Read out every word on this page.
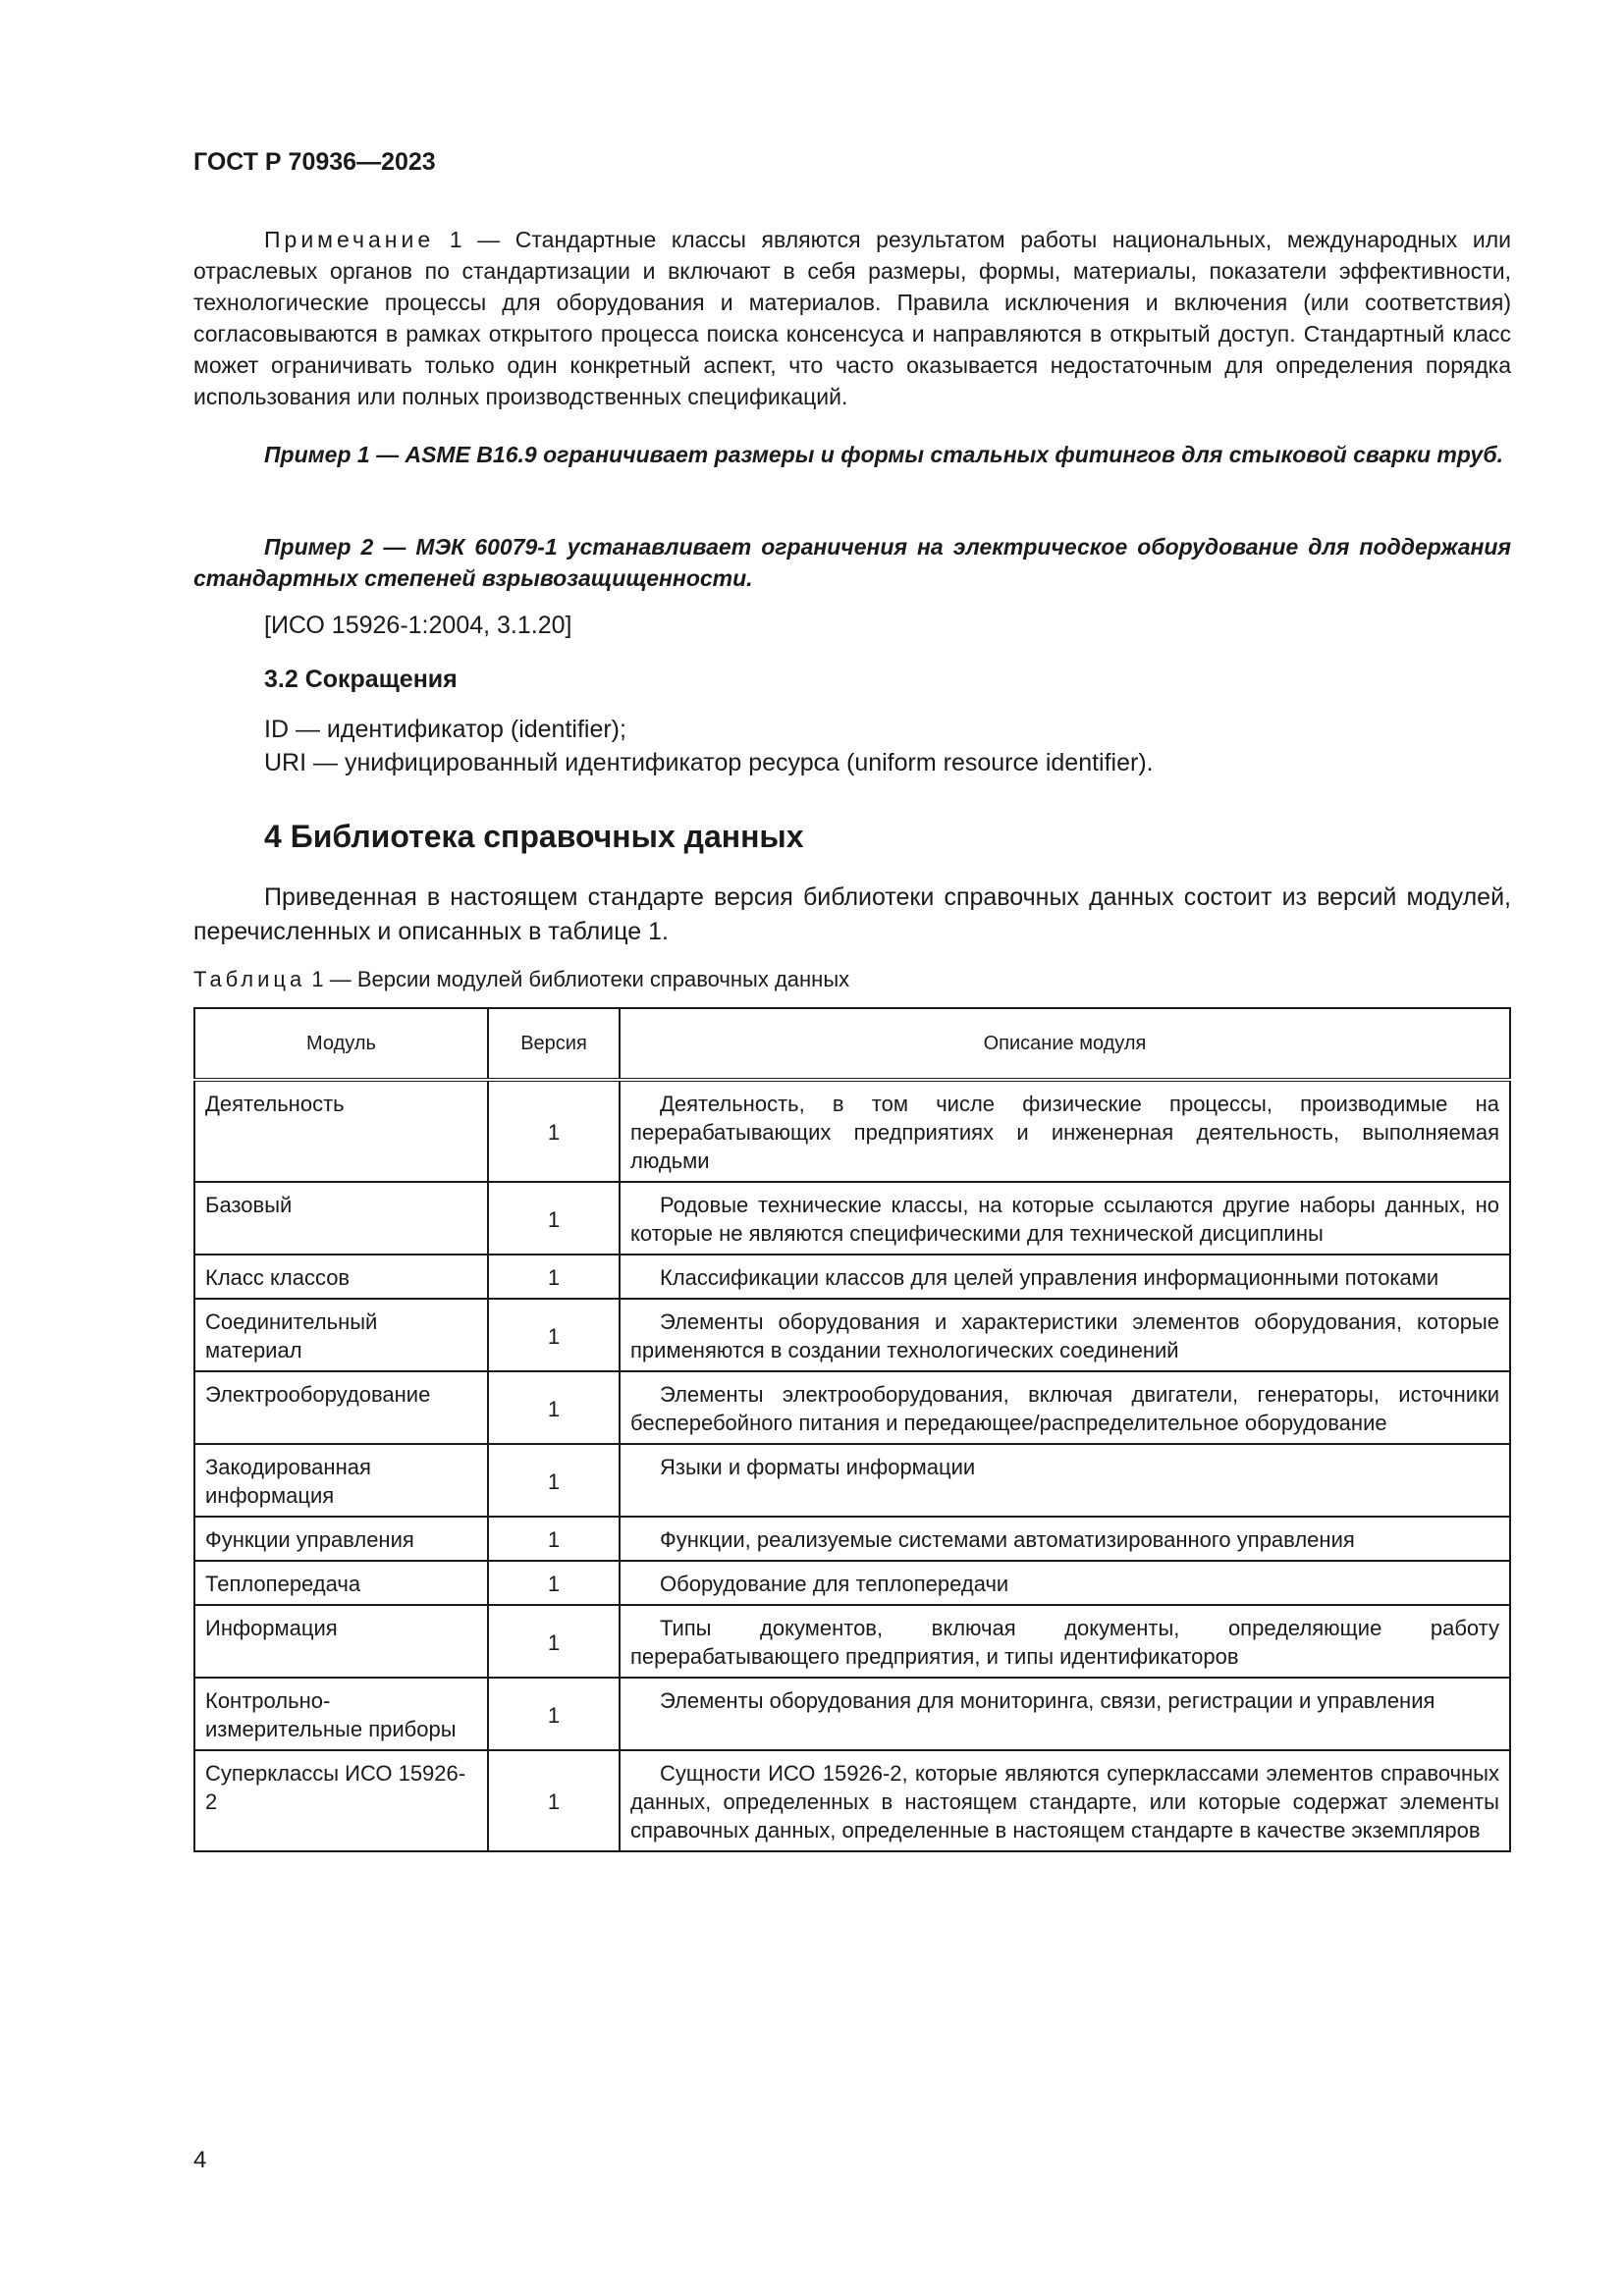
ГОСТ Р 70936—2023
Примечание 1 — Стандартные классы являются результатом работы национальных, международных или отраслевых органов по стандартизации и включают в себя размеры, формы, материалы, показатели эффективности, технологические процессы для оборудования и материалов. Правила исключения и включения (или соответствия) согласовываются в рамках открытого процесса поиска консенсуса и направляются в открытый доступ. Стандартный класс может ограничивать только один конкретный аспект, что часто оказывается недостаточным для определения порядка использования или полных производственных спецификаций.
Пример 1 — ASME B16.9 ограничивает размеры и формы стальных фитингов для стыковой сварки труб.
Пример 2 — МЭК 60079-1 устанавливает ограничения на электрическое оборудование для поддержания стандартных степеней взрывозащищенности.
[ИСО 15926-1:2004, 3.1.20]
3.2 Сокращения
ID — идентификатор (identifier);
URI — унифицированный идентификатор ресурса (uniform resource identifier).
4 Библиотека справочных данных
Приведенная в настоящем стандарте версия библиотеки справочных данных состоит из версий модулей, перечисленных и описанных в таблице 1.
Таблица 1 — Версии модулей библиотеки справочных данных
Модуль	Версия	Описание модуля
Деятельность	1	Деятельность, в том числе физические процессы, производимые на перерабатывающих предприятиях и инженерная деятельность, выполняемая людьми
Базовый	1	Родовые технические классы, на которые ссылаются другие наборы данных, но которые не являются специфическими для технической дисциплины
Класс классов	1	Классификации классов для целей управления информационными потоками
Соединительный материал	1	Элементы оборудования и характеристики элементов оборудования, которые применяются в создании технологических соединений
Электрооборудование	1	Элементы электрооборудования, включая двигатели, генераторы, источники бесперебойного питания и передающее/распределительное оборудование
Закодированная информация	1	Языки и форматы информации
Функции управления	1	Функции, реализуемые системами автоматизированного управления
Теплопередача	1	Оборудование для теплопередачи
Информация	1	Типы документов, включая документы, определяющие работу перерабатывающего предприятия, и типы идентификаторов
Контрольно-измерительные приборы	1	Элементы оборудования для мониторинга, связи, регистрации и управления
Суперклассы ИСО 15926-2	1	Сущности ИСО 15926-2, которые являются суперклассами элементов справочных данных, определенных в настоящем стандарте, или которые содержат элементы справочных данных, определенные в настоящем стандарте в качестве экземпляров
4
